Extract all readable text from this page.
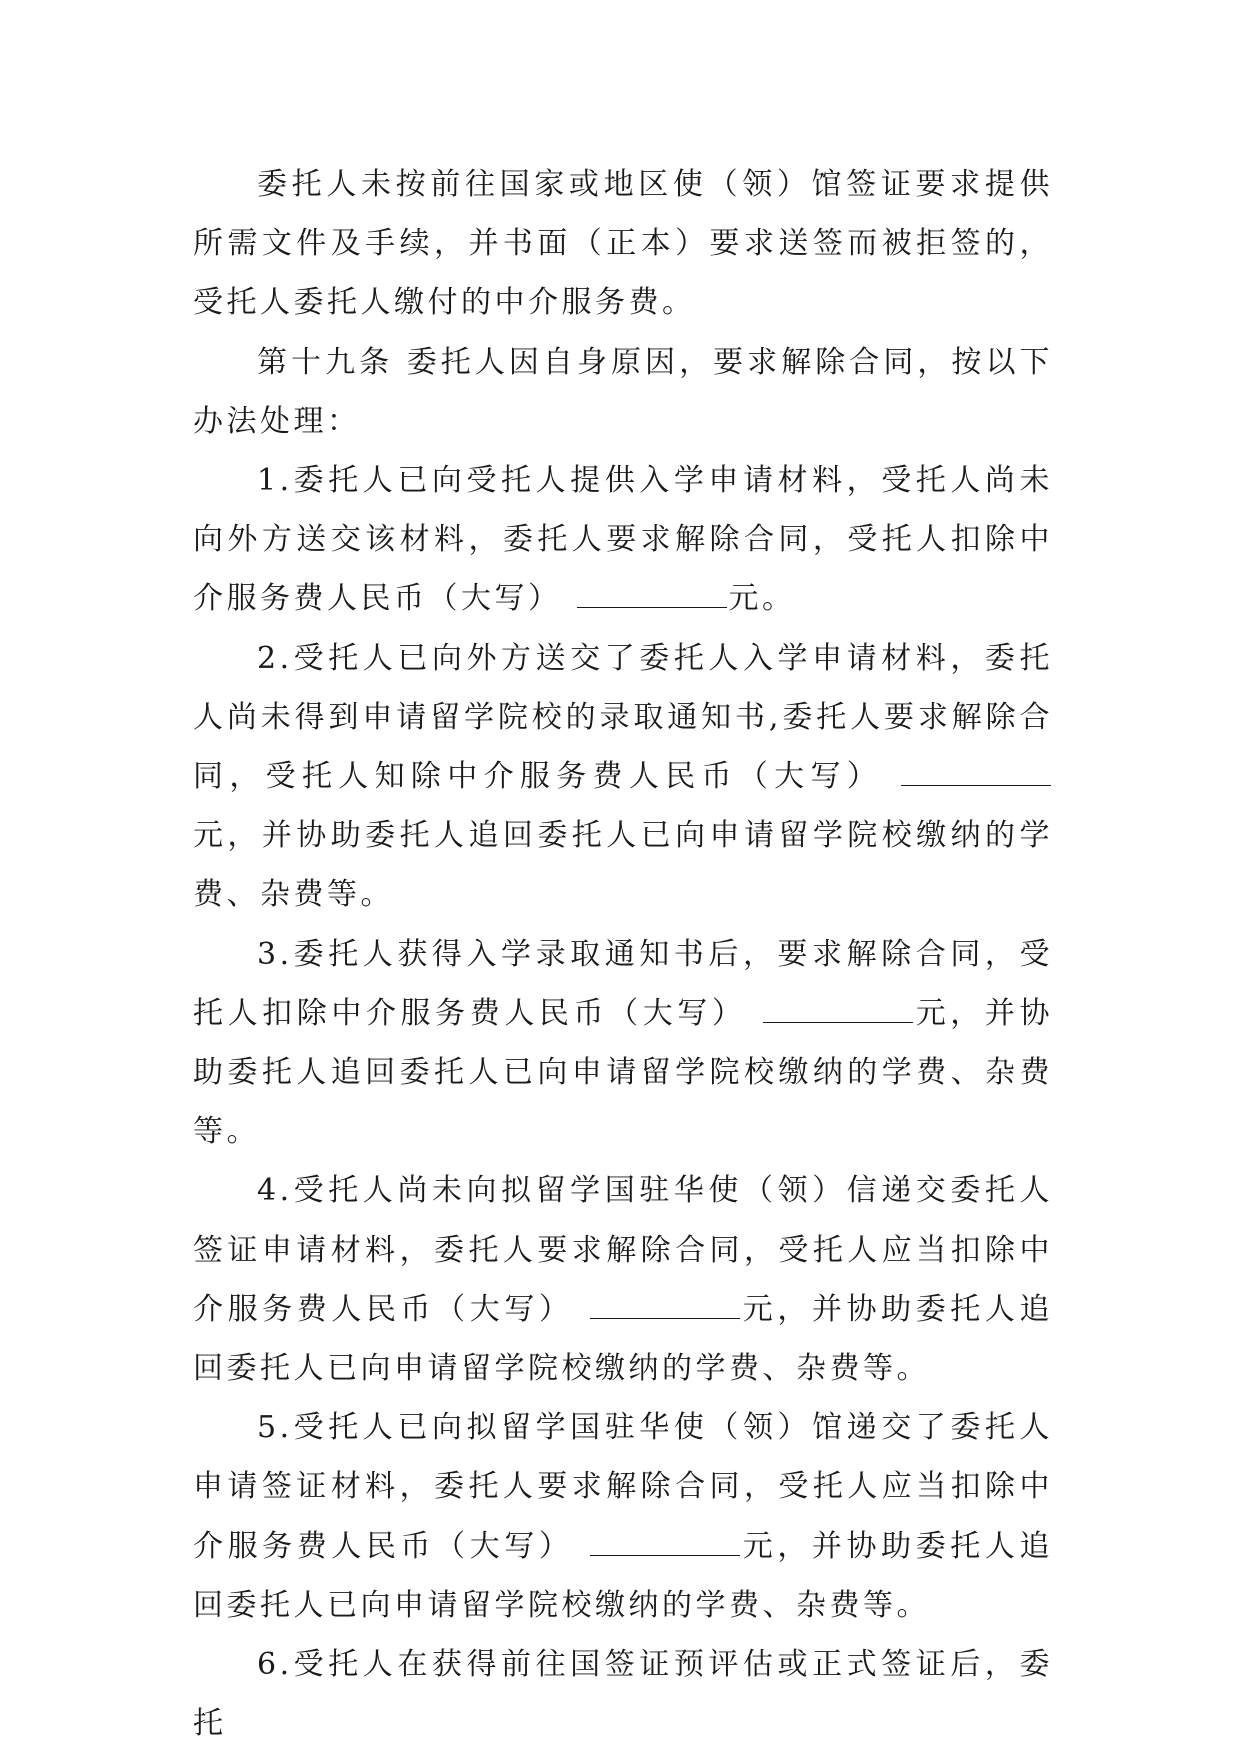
委托人未按前往国家或地区使（领）馆签证要求提供所需文件及手续，并书面（正本）要求送签而被拒签的，受托人委托人缴付的中介服务费。

第十九条 委托人因自身原因，要求解除合同，按以下办法处理：

1.委托人已向受托人提供入学申请材料，受托人尚未向外方送交该材料，委托人要求解除合同，受托人扣除中介服务费人民币（大写）	元。

2.受托人已向外方送交了委托人入学申请材料，委托人尚未得到申请留学院校的录取通知书,委托人要求解除合同，受托人知除中介服务费人民币（大写） 元，并协助委托人追回委托人已向申请留学院校缴纳的学费、杂费等。

3.委托人获得入学录取通知书后，要求解除合同，受托人扣除中介服务费人民币（大写）	元，并协助委托人追回委托人已向申请留学院校缴纳的学费、杂费等。

4.受托人尚未向拟留学国驻华使（领）信递交委托人签证申请材料，委托人要求解除合同，受托人应当扣除中介服务费人民币（大写）	元，并协助委托人追回委托人已向申请留学院校缴纳的学费、杂费等。

5.受托人已向拟留学国驻华使（领）馆递交了委托人申请签证材料，委托人要求解除合同，受托人应当扣除中介服务费人民币（大写）	元，并协助委托人追回委托人已向申请留学院校缴纳的学费、杂费等。

6.受托人在获得前往国签证预评估或正式签证后，委托
